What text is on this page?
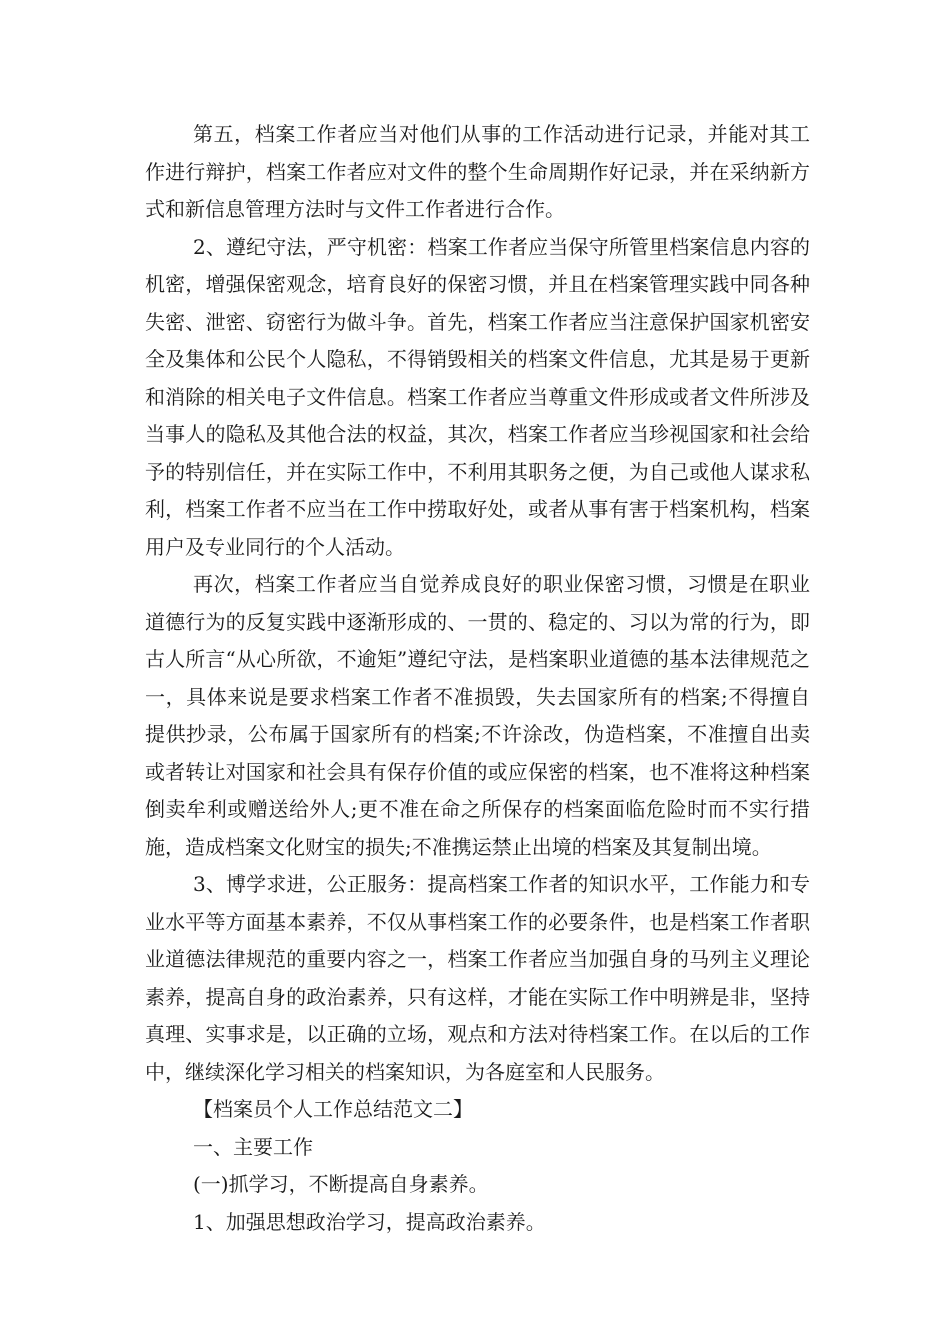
第五，档案工作者应当对他们从事的工作活动进行记录，并能对其工作进行辩护，档案工作者应对文件的整个生命周期作好记录，并在采纳新方式和新信息管理方法时与文件工作者进行合作。

2、遵纪守法，严守机密：档案工作者应当保守所管里档案信息内容的机密，增强保密观念，培育良好的保密习惯，并且在档案管理实践中同各种失密、泄密、窃密行为做斗争。首先，档案工作者应当注意保护国家机密安全及集体和公民个人隐私，不得销毁相关的档案文件信息，尤其是易于更新和消除的相关电子文件信息。档案工作者应当尊重文件形成或者文件所涉及当事人的隐私及其他合法的权益，其次，档案工作者应当珍视国家和社会给予的特别信任，并在实际工作中，不利用其职务之便，为自己或他人谋求私利，档案工作者不应当在工作中捞取好处，或者从事有害于档案机构，档案用户及专业同行的个人活动。

再次，档案工作者应当自觉养成良好的职业保密习惯，习惯是在职业道德行为的反复实践中逐渐形成的、一贯的、稳定的、习以为常的行为，即古人所言“从心所欲，不逾矩”遵纪守法，是档案职业道德的基本法律规范之一，具体来说是要求档案工作者不准损毁，失去国家所有的档案;不得擅自提供抄录，公布属于国家所有的档案;不许涂改，伪造档案，不准擅自出卖或者转让对国家和社会具有保存价值的或应保密的档案，也不准将这种档案倒卖牟利或赠送给外人;更不准在命之所保存的档案面临危险时而不实行措施，造成档案文化财宝的损失;不准携运禁止出境的档案及其复制出境。

3、博学求进，公正服务：提高档案工作者的知识水平，工作能力和专业水平等方面基本素养，不仅从事档案工作的必要条件，也是档案工作者职业道德法律规范的重要内容之一，档案工作者应当加强自身的马列主义理论素养，提高自身的政治素养，只有这样，才能在实际工作中明辨是非，坚持真理、实事求是，以正确的立场，观点和方法对待档案工作。在以后的工作中，继续深化学习相关的档案知识，为各庭室和人民服务。

【档案员个人工作总结范文二】

一、主要工作

(一)抓学习，不断提高自身素养。

1、加强思想政治学习，提高政治素养。
